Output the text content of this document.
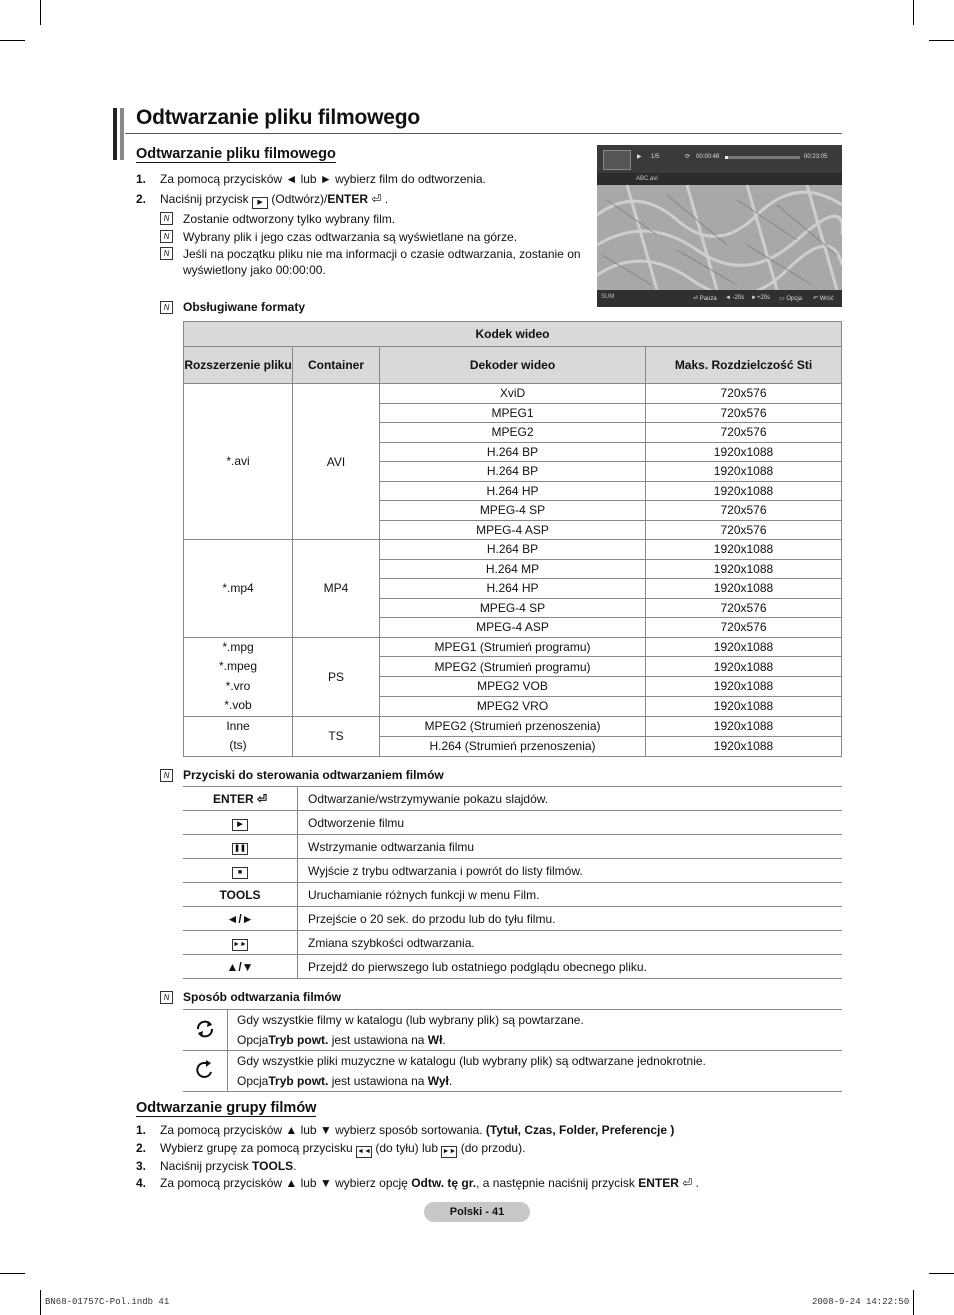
Odtwarzanie pliku filmowego
Odtwarzanie pliku filmowego
1. Za pomocą przycisków ◄ lub ► wybierz film do odtworzenia.
2. Naciśnij przycisk ▶ (Odtwórz)/ENTER ⏎ .
N	Zostanie odtworzony tylko wybrany film.
N	Wybrany plik i jego czas odtwarzania są wyświetlane na górze.
N	Jeśli na początku pliku nie ma informacji o czasie odtwarzania, zostanie on wyświetlony jako 00:00:00.
▶ 1/5	⟳ 00:00:48	00:23:05
ABC.avi
SUM	⏎ Pauza ◄ -20s ►+20s ▭ Opcja ↶ Wróć
N	Obsługiwane formaty
Kodek wideo			
Rozszerzenie pliku	Container	Dekoder wideo	Maks. Rozdzielczość Sti

*.avi	AVI	XviD	720x576
		MPEG1	720x576
		MPEG2	720x576
		H.264 BP	1920x1088
		H.264 BP	1920x1088
		H.264 HP	1920x1088
		MPEG-4 SP	720x576
		MPEG-4 ASP	720x576

*.mp4	MP4	H.264 BP	1920x1088
		H.264 MP	1920x1088
		H.264 HP	1920x1088
		MPEG-4 SP	720x576
		MPEG-4 ASP	720x576

*.mpg
*.mpeg
*.vro
*.vob	PS	MPEG1 (Strumień programu)	1920x1088
		MPEG2 (Strumień programu)	1920x1088
		MPEG2 VOB	1920x1088
		MPEG2 VRO	1920x1088

Inne
(ts)	TS	MPEG2 (Strumień przenoszenia)	1920x1088
		H.264 (Strumień przenoszenia)	1920x1088
N	Przyciski do sterowania odtwarzaniem filmów
ENTER ⏎	Odtwarzanie/wstrzymywanie pokazu slajdów.
▶	Odtworzenie filmu
❚❚	Wstrzymanie odtwarzania filmu
■	Wyjście z trybu odtwarzania i powrót do listy filmów.
TOOLS	Uruchamianie różnych funkcji w menu Film.
◄/►	Przejście o 20 sek. do przodu lub do tyłu filmu.
►►	Zmiana szybkości odtwarzania.
▲/▼	Przejdź do pierwszego lub ostatniego podglądu obecnego pliku.
N	Sposób odtwarzania filmów

Gdy wszystkie filmy w katalogu (lub wybrany plik) są powtarzane.
OpcjaTryb powt. jest ustawiona na Wł.

Gdy wszystkie pliki muzyczne w katalogu (lub wybrany plik) są odtwarzane jednokrotnie.
OpcjaTryb powt. jest ustawiona na Wył.
Odtwarzanie grupy filmów
1. Za pomocą przycisków ▲ lub ▼ wybierz sposób sortowania. (Tytuł, Czas, Folder, Preferencje )
2. Wybierz grupę za pomocą przycisku ◄◄ (do tyłu) lub ►► (do przodu).
3. Naciśnij przycisk TOOLS.
4. Za pomocą przycisków ▲ lub ▼ wybierz opcję Odtw. tę gr., a następnie naciśnij przycisk ENTER ⏎ .
Polski - 41
BN68-01757C-Pol.indb 41	2008-9-24 14:22:50
